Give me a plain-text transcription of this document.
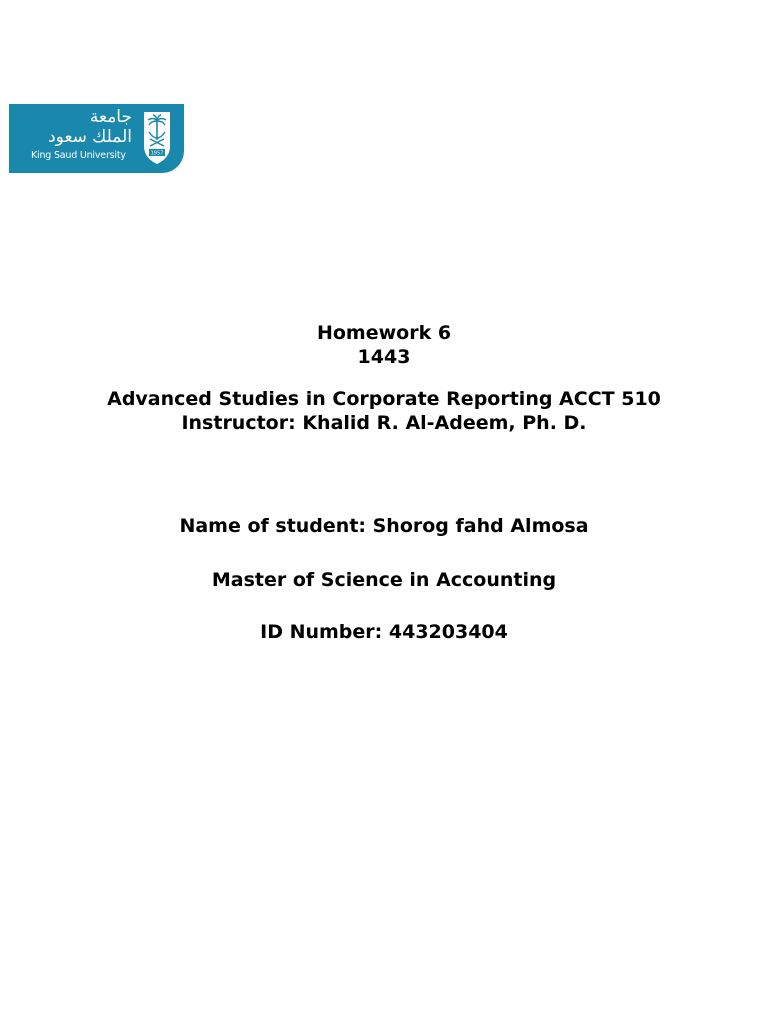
جامعة
الملك سعود
King Saud University	1957
Homework 6
1443
Advanced Studies in Corporate Reporting ACCT 510
Instructor: Khalid R. Al-Adeem, Ph. D.
Name of student: Shorog fahd Almosa
Master of Science in Accounting
ID Number: 443203404
